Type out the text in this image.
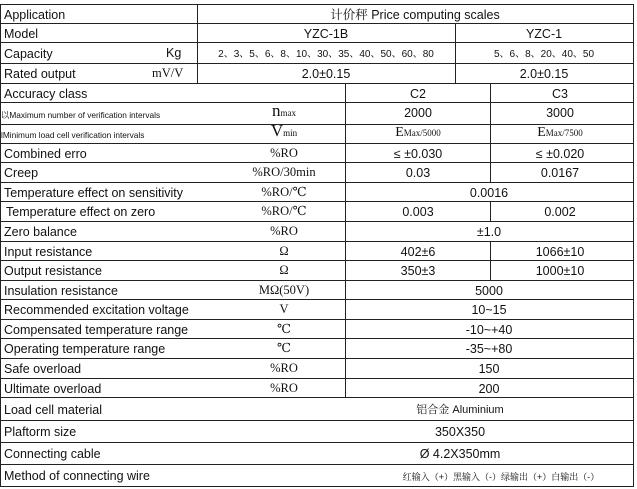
Application	计价秤 Price computing scales
Model	YZC-1B	YZC-1
Capacity	Kg	2、3、5、6、8、10、30、35、40、50、60、80	5、6、8、20、40、50
Rated output	mV/V	2.0±0.15	2.0±0.15
Accuracy class	C2	C3
以Maximum number of verification intervals	nmax	2000	3000
lMinimum load cell verification intervals	Vmin	EMax/5000	EMax/7500
Combined erro	%RO	≤ ±0.030	≤ ±0.020
Creep	%RO/30min	0.03	0.0167
Temperature effect on sensitivity	%RO/℃	0.0016
Temperature effect on zero	%RO/℃	0.003	0.002
Zero balance	%RO	±1.0
Input resistance	Ω	402±6	1066±10
Output resistance	Ω	350±3	1000±10
Insulation resistance	MΩ(50V)	5000
Recommended excitation voltage	V	10~15
Compensated temperature range	℃	-10~+40
Operating temperature range	℃	-35~+80
Safe overload	%RO	150
Ultimate overload	%RO	200
Load cell material	铝合金 Aluminium
Plaftorm size	350X350
Connecting cable	Ø 4.2X350mm
Method of connecting wire	红输入（+）黑输入（-）绿输出（+）白输出（-）
